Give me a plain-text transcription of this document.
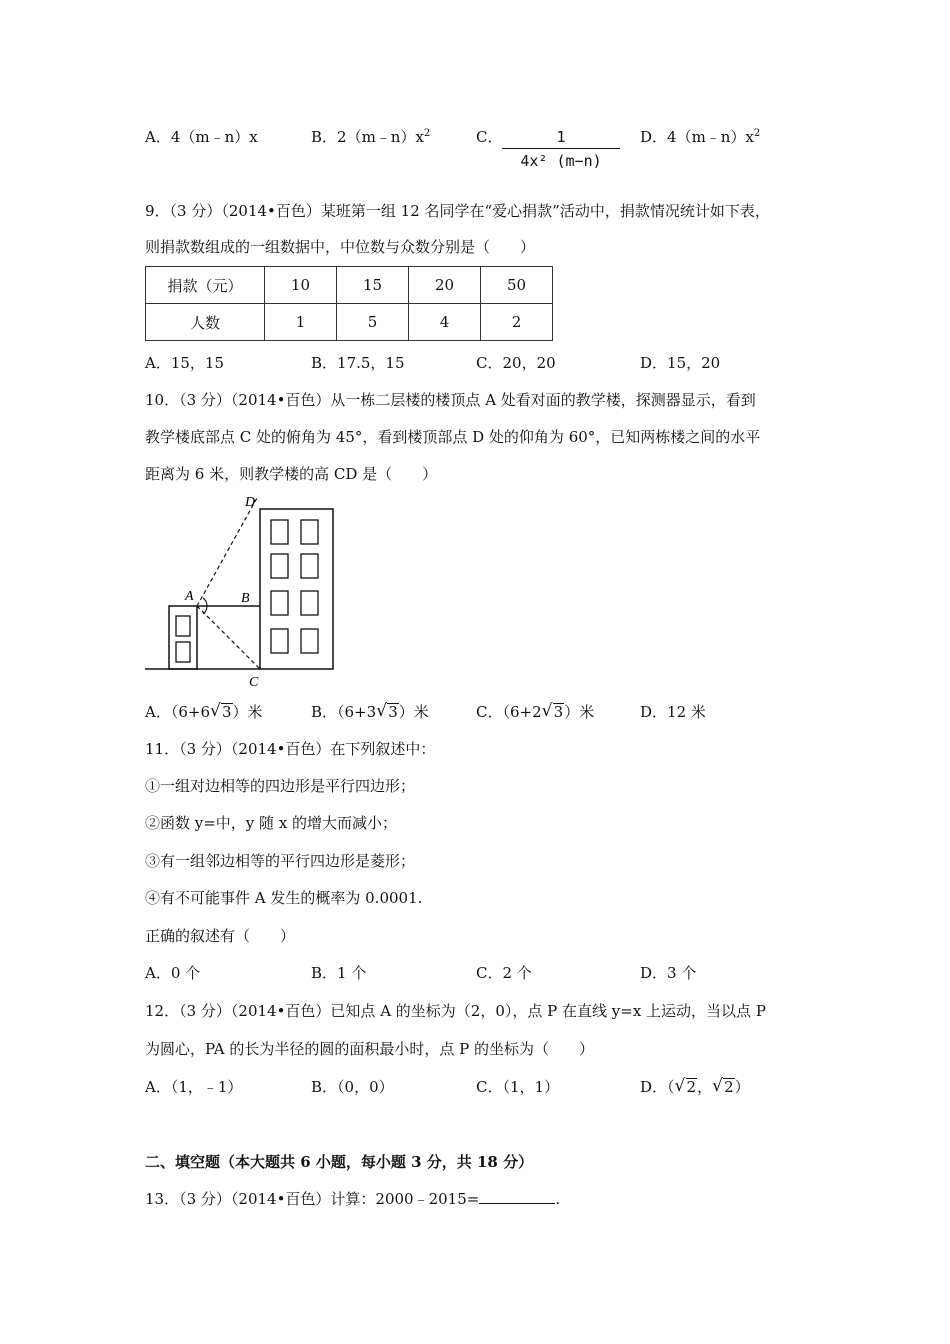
A．4（m﹣n）x	B．$2(m﹣n)x^2$	C．	1
4x² (m−n)
D．$4(m﹣n)x^2$
9．（3 分）（2014•百色）某班第一组 12 名同学在“爱心捐款”活动中，捐款情况统计如下表，
则捐款数组成的一组数据中，中位数与众数分别是（　　）
捐款（元）	10	15	20	50
人数	1	5	4	2
A．15，15	B．17.5，15	C．20，20	D．15，20
10．（3 分）（2014•百色）从一栋二层楼的楼顶点 A 处看对面的教学楼，探测器显示，看到
教学楼底部点 C 处的俯角为 45°，看到楼顶部点 D 处的仰角为 60°，已知两栋楼之间的水平
距离为 6 米，则教学楼的高 CD 是（　　）
A	B
C
D
A．（6+6 √ 3）米	B．（6+3 √ 3）米	C．（6+2 √ 3）米	D．12 米
11．（3 分）（2014•百色）在下列叙述中：
①一组对边相等的四边形是平行四边形；
②函数 y=中，y 随 x 的增大而减小；
③有一组邻边相等的平行四边形是菱形；
④有不可能事件 A 发生的概率为 0.0001.
正确的叙述有（　　）
A．0 个	B．1 个	C．2 个	D．3 个
12．（3 分）（2014•百色）已知点 A 的坐标为（2，0），点 P 在直线 y=x 上运动，当以点 P
为圆心，PA 的长为半径的圆的面积最小时，点 P 的坐标为（　　）
A．（1，﹣1）	B．（0，0）	C．（1，1）	D．（ √ 2， √ 2）
二、填空题（本大题共 6 小题，每小题 3 分，共 18 分）
13．（3 分）（2014•百色）计算：2000﹣2015=	.
